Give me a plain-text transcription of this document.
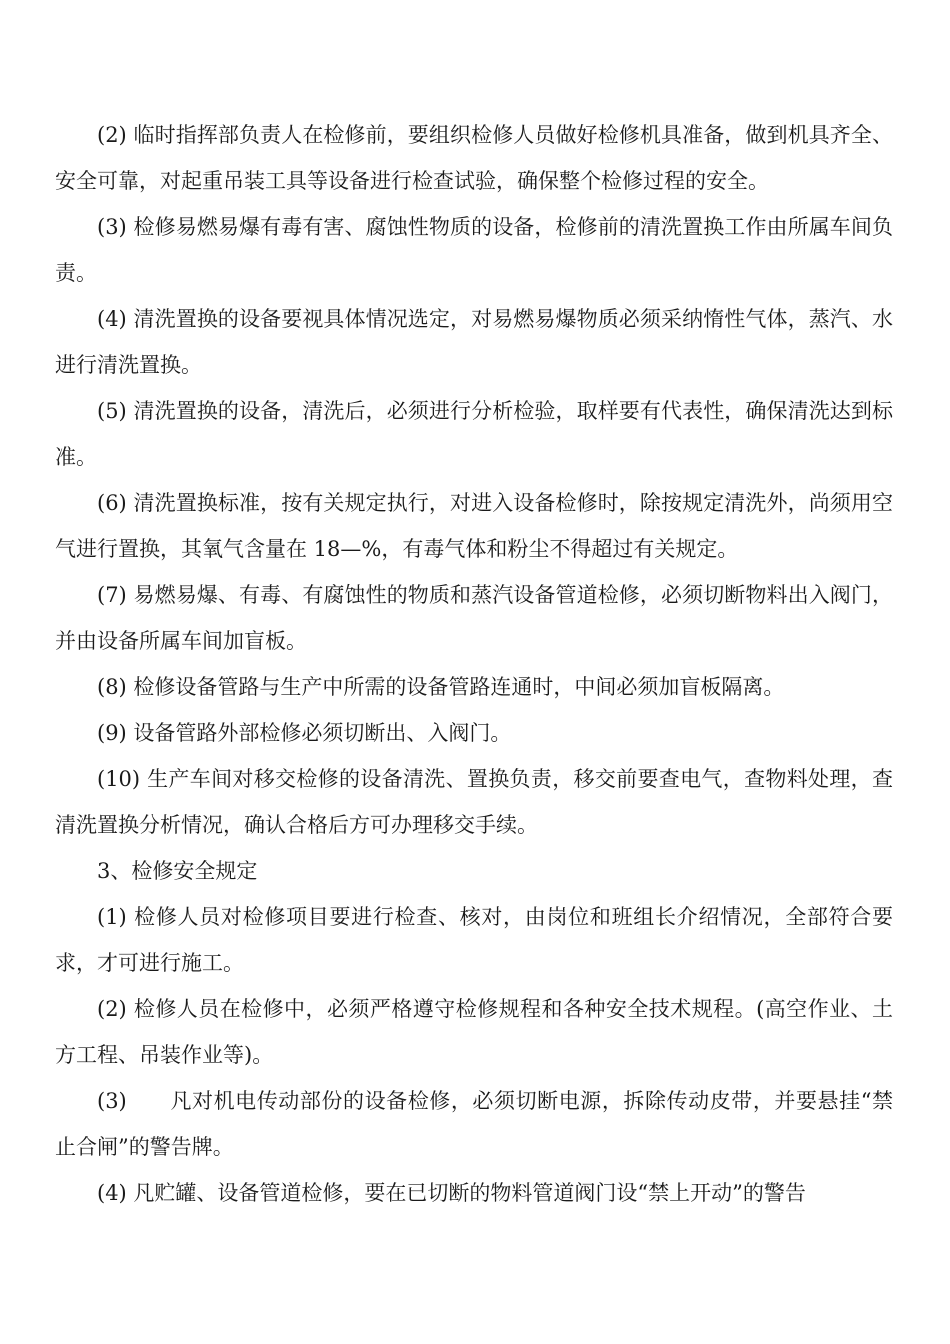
(2) 临时指挥部负责人在检修前，要组织检修人员做好检修机具准备，做到机具齐全、安全可靠，对起重吊装工具等设备进行检查试验，确保整个检修过程的安全。

(3) 检修易燃易爆有毒有害、腐蚀性物质的设备，检修前的清洗置换工作由所属车间负责。

(4) 清洗置换的设备要视具体情况选定，对易燃易爆物质必须采纳惰性气体，蒸汽、水进行清洗置换。

(5) 清洗置换的设备，清洗后，必须进行分析检验，取样要有代表性，确保清洗达到标准。

(6) 清洗置换标准，按有关规定执行，对进入设备检修时，除按规定清洗外，尚须用空气进行置换，其氧气含量在 18—%，有毒气体和粉尘不得超过有关规定。

(7) 易燃易爆、有毒、有腐蚀性的物质和蒸汽设备管道检修，必须切断物料出入阀门，并由设备所属车间加盲板。

(8) 检修设备管路与生产中所需的设备管路连通时，中间必须加盲板隔离。

(9) 设备管路外部检修必须切断出、入阀门。

(10) 生产车间对移交检修的设备清洗、置换负责，移交前要查电气，查物料处理，查清洗置换分析情况，确认合格后方可办理移交手续。

3、检修安全规定

(1) 检修人员对检修项目要进行检查、核对，由岗位和班组长介绍情况，全部符合要求，才可进行施工。

(2) 检修人员在检修中，必须严格遵守检修规程和各种安全技术规程。(高空作业、土方工程、吊装作业等)。

(3)　　凡对机电传动部份的设备检修，必须切断电源，拆除传动皮带，并要悬挂“禁止合闸”的警告牌。

(4) 凡贮罐、设备管道检修，要在已切断的物料管道阀门设“禁上开动”的警告
